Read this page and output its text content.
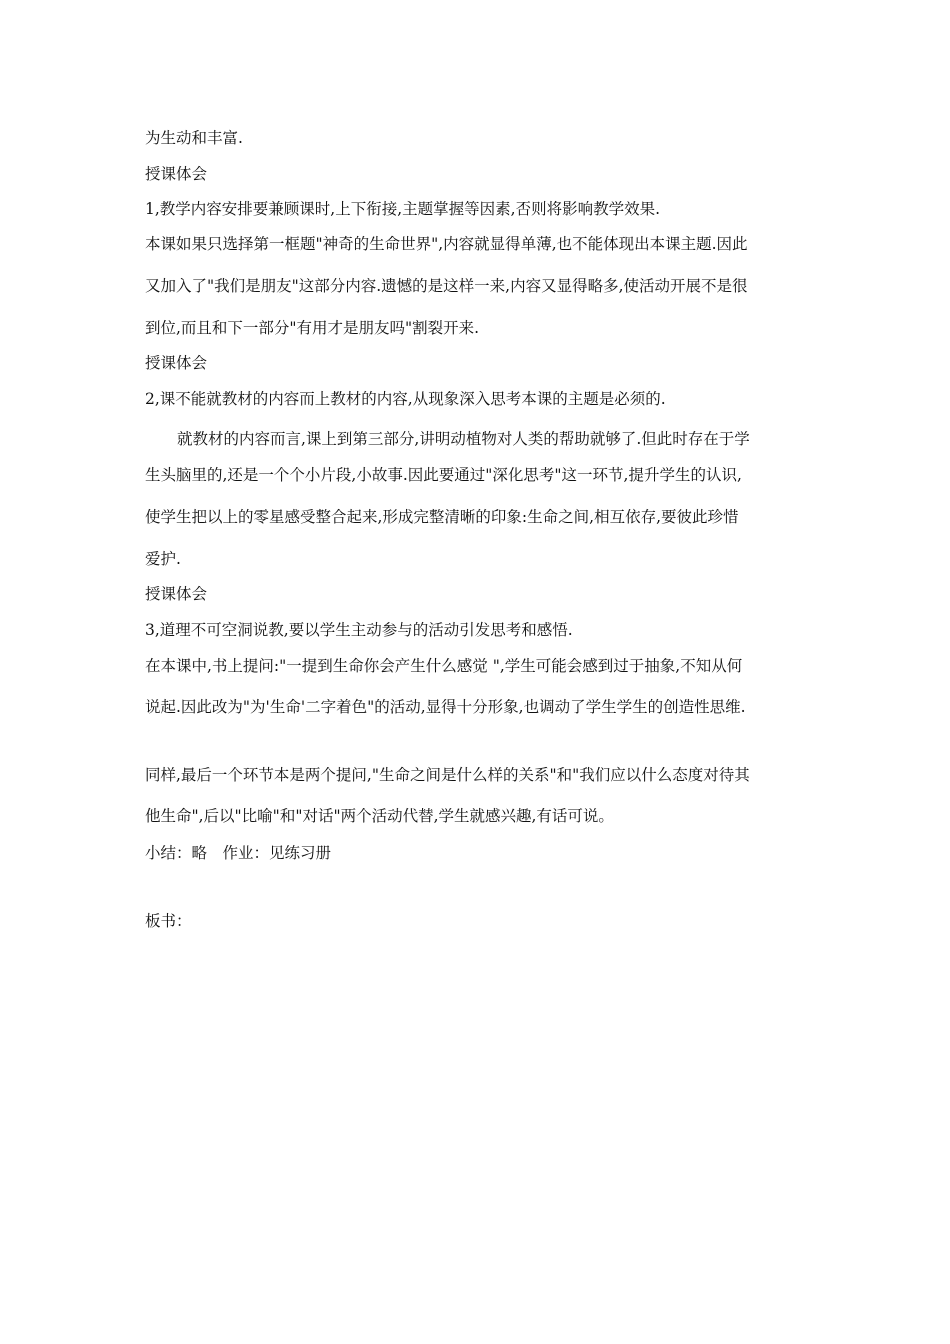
为生动和丰富.
授课体会
1,教学内容安排要兼顾课时,上下衔接,主题掌握等因素,否则将影响教学效果.
本课如果只选择第一框题"神奇的生命世界",内容就显得单薄,也不能体现出本课主题.因此
又加入了"我们是朋友"这部分内容.遗憾的是这样一来,内容又显得略多,使活动开展不是很
到位,而且和下一部分"有用才是朋友吗"割裂开来.
授课体会
2,课不能就教材的内容而上教材的内容,从现象深入思考本课的主题是必须的.
就教材的内容而言,课上到第三部分,讲明动植物对人类的帮助就够了.但此时存在于学
生头脑里的,还是一个个小片段,小故事.因此要通过"深化思考"这一环节,提升学生的认识,
使学生把以上的零星感受整合起来,形成完整清晰的印象:生命之间,相互依存,要彼此珍惜
爱护.
授课体会
3,道理不可空洞说教,要以学生主动参与的活动引发思考和感悟.
在本课中,书上提问:"一提到生命你会产生什么感觉 ",学生可能会感到过于抽象,不知从何
说起.因此改为"为'生命'二字着色"的活动,显得十分形象,也调动了学生学生的创造性思维.
同样,最后一个环节本是两个提问,"生命之间是什么样的关系"和"我们应以什么态度对待其
他生命",后以"比喻"和"对话"两个活动代替,学生就感兴趣,有话可说。
小结：略　作业：见练习册
板书：
